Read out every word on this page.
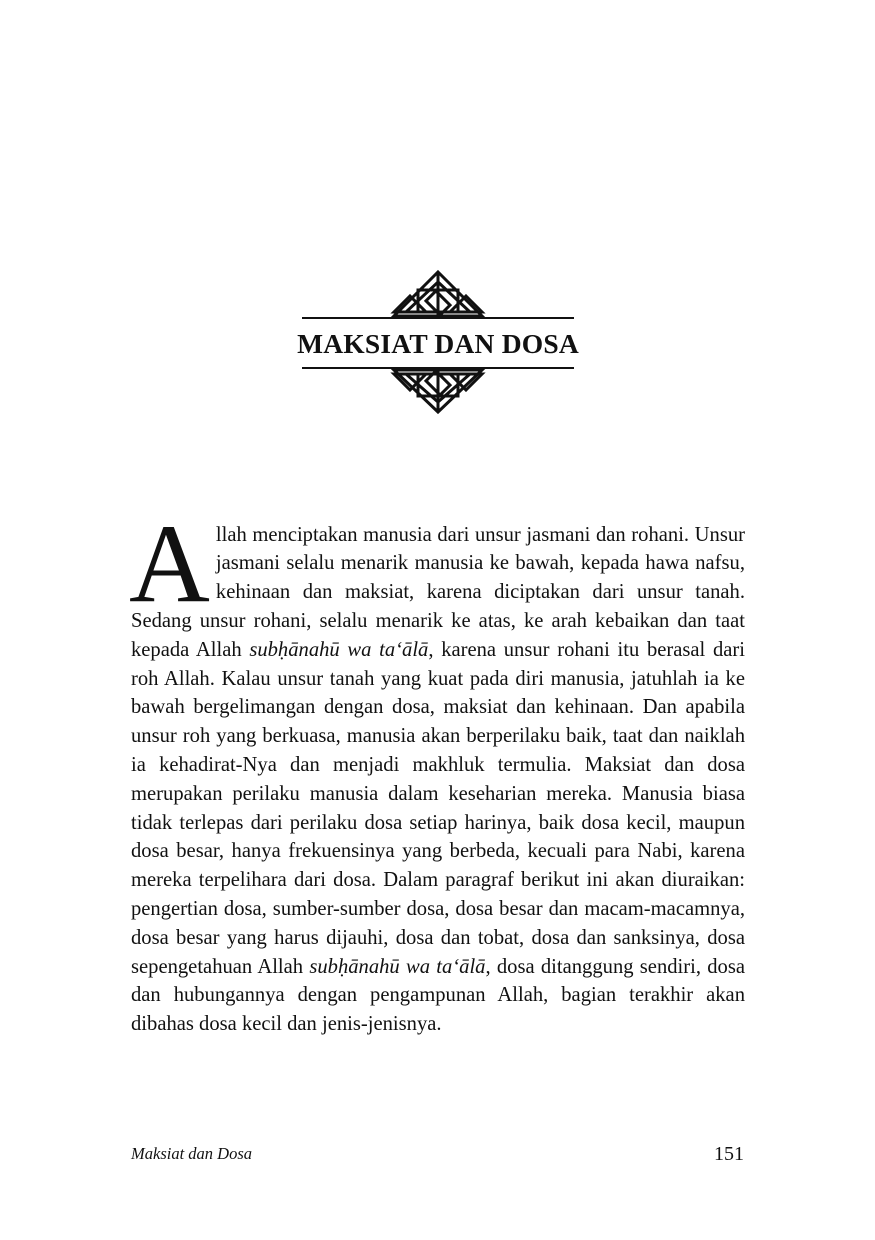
MAKSIAT DAN DOSA

Allah menciptakan manusia dari unsur jasmani dan rohani. Unsur jasmani selalu menarik manusia ke bawah, kepada hawa nafsu, kehinaan dan maksiat, karena diciptakan dari unsur tanah. Sedang unsur rohani, selalu menarik ke atas, ke arah kebaikan dan taat kepada Allah subḥānahū wa ta‘ālā, karena unsur rohani itu berasal dari roh Allah. Kalau unsur tanah yang kuat pada diri manusia, jatuhlah ia ke bawah bergelimangan dengan dosa, maksiat dan kehinaan. Dan apabila unsur roh yang berkuasa, manusia akan berperilaku baik, taat dan naiklah ia kehadirat-Nya dan menjadi makhluk termulia. Maksiat dan dosa merupakan perilaku manusia dalam keseharian mereka. Manusia biasa tidak terlepas dari perilaku dosa setiap harinya, baik dosa kecil, maupun dosa besar, hanya frekuensinya yang berbeda, kecuali para Nabi, karena mereka terpelihara dari dosa. Dalam paragraf berikut ini akan diuraikan: pengertian dosa, sumber-sumber dosa, dosa besar dan macam-macamnya, dosa besar yang harus dijauhi, dosa dan tobat, dosa dan sanksinya, dosa sepengetahuan Allah subḥānahū wa ta‘ālā, dosa ditanggung sendiri, dosa dan hubungannya dengan pengampunan Allah, bagian terakhir akan dibahas dosa kecil dan jenis-jenisnya.

Maksiat dan Dosa	151
